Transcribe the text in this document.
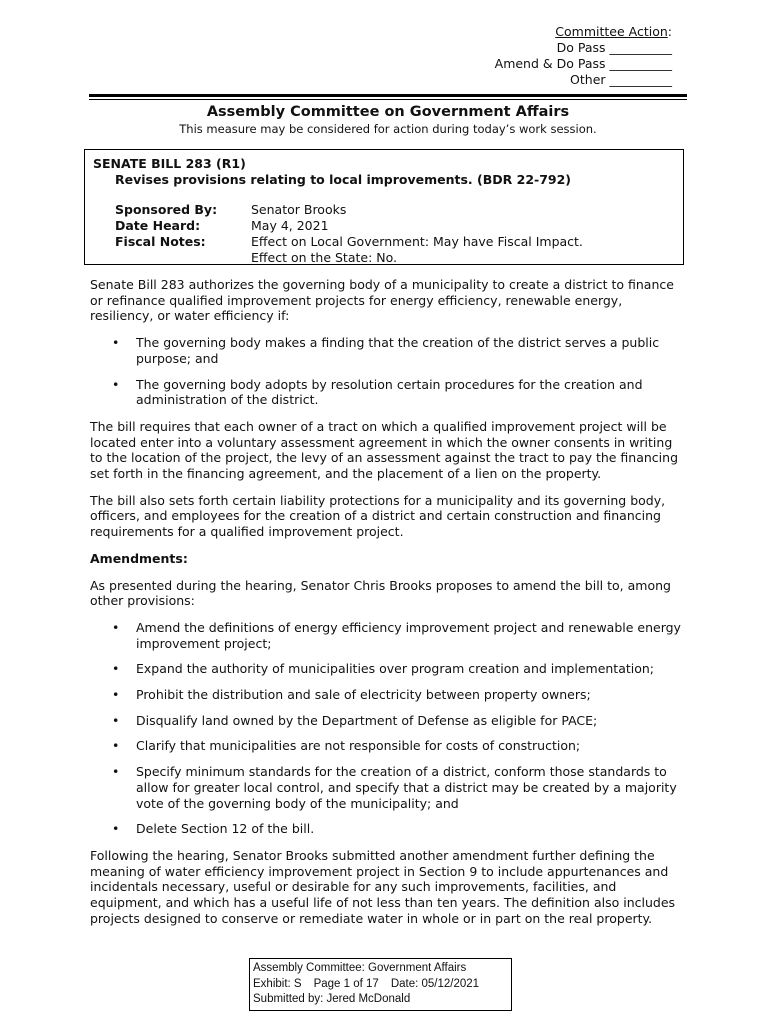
Committee Action:
Do Pass __________
Amend & Do Pass __________
Other __________
Assembly Committee on Government Affairs
This measure may be considered for action during today’s work session.
SENATE BILL 283 (R1)
Revises provisions relating to local improvements. (BDR 22-792)
Sponsored By:	Senator Brooks
Date Heard:	May 4, 2021
Fiscal Notes:	Effect on Local Government: May have Fiscal Impact.
Effect on the State: No.

Senate Bill 283 authorizes the governing body of a municipality to create a district to finance or refinance qualified improvement projects for energy efficiency, renewable energy, resiliency, or water efficiency if:

• The governing body makes a finding that the creation of the district serves a public purpose; and
• The governing body adopts by resolution certain procedures for the creation and administration of the district.

The bill requires that each owner of a tract on which a qualified improvement project will be located enter into a voluntary assessment agreement in which the owner consents in writing to the location of the project, the levy of an assessment against the tract to pay the financing set forth in the financing agreement, and the placement of a lien on the property.

The bill also sets forth certain liability protections for a municipality and its governing body, officers, and employees for the creation of a district and certain construction and financing requirements for a qualified improvement project.

Amendments:

As presented during the hearing, Senator Chris Brooks proposes to amend the bill to, among other provisions:

• Amend the definitions of energy efficiency improvement project and renewable energy improvement project;
• Expand the authority of municipalities over program creation and implementation;
• Prohibit the distribution and sale of electricity between property owners;
• Disqualify land owned by the Department of Defense as eligible for PACE;
• Clarify that municipalities are not responsible for costs of construction;
• Specify minimum standards for the creation of a district, conform those standards to allow for greater local control, and specify that a district may be created by a majority vote of the governing body of the municipality; and
• Delete Section 12 of the bill.

Following the hearing, Senator Brooks submitted another amendment further defining the meaning of water efficiency improvement project in Section 9 to include appurtenances and incidentals necessary, useful or desirable for any such improvements, facilities, and equipment, and which has a useful life of not less than ten years. The definition also includes projects designed to conserve or remediate water in whole or in part on the real property.

Assembly Committee: Government Affairs
Exhibit: S Page 1 of 17 Date: 05/12/2021
Submitted by: Jered McDonald
